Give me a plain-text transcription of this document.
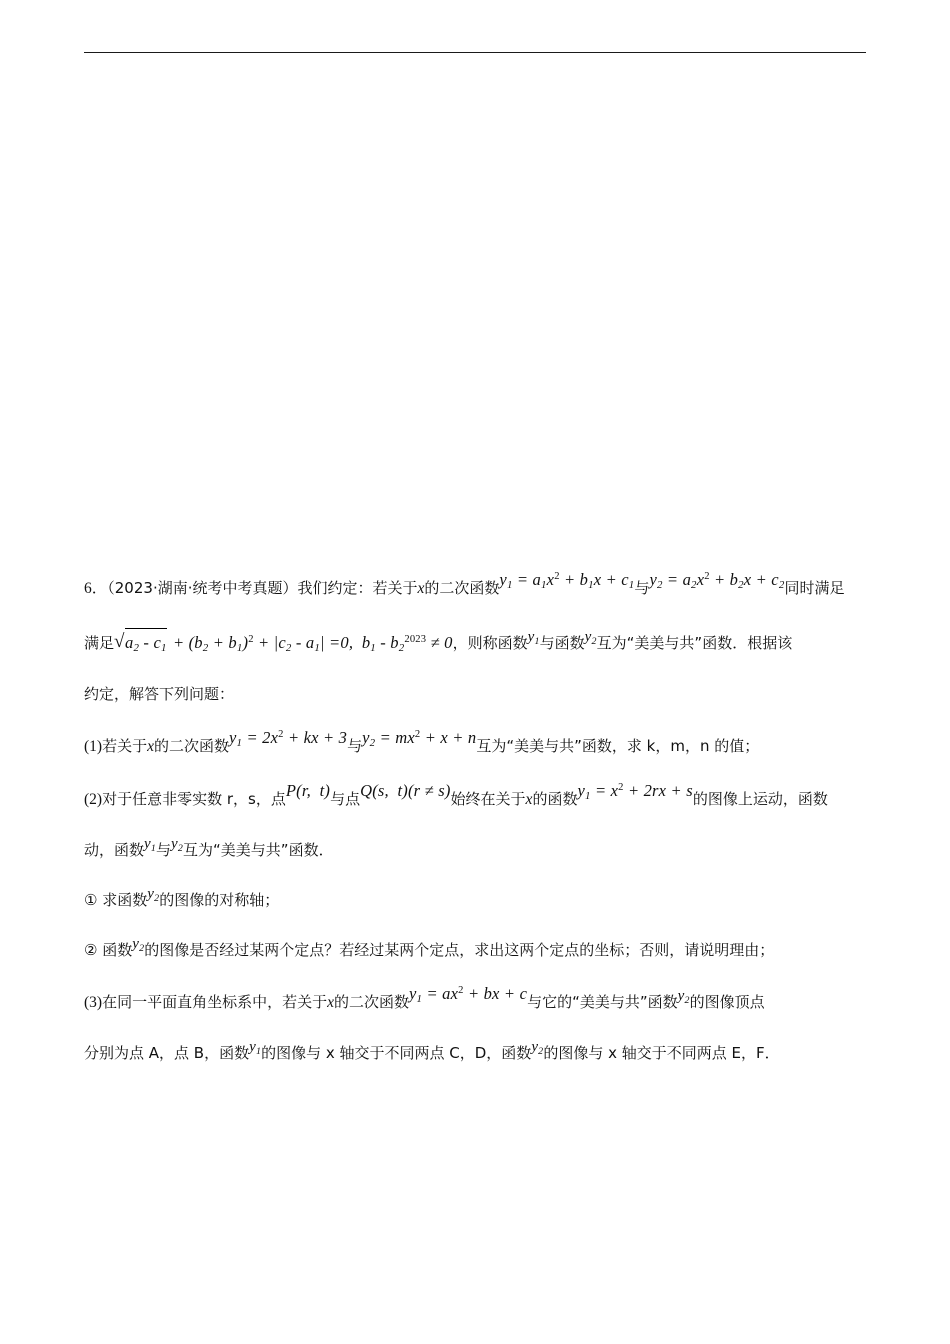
6．（2023·湖南·统考中考真题）我们约定：若关于x的二次函数$y_1 = a_1x^2 + b_1x + c_1$与$y_2 = a_2x^2 + b_2x + c_2$同时满足
满足 √ $a_2 - c_1 + (b_2 + b_1)^2 + |c_2 - a_1| =0$,  $b_1 - b_2^{2023} \ne 0$，则称函数$y_1$与函数$y_2$互为“美美与共”函数．根据该
约定，解答下列问题：
(1)若关于x的二次函数$y_1 = 2x^2$ + kx + 3与$y_2 = mx^2 + x + n$互为“美美与共”函数，求 k，m，n 的值；
(2)对于任意非零实数 r，s，点P(r,  t)与点Q(s,  t)(r ≠ s)始终在关于x的函数$y_1 = x^2 + 2rx + s$的图像上运动，函数
动，函数$y_1$与$y_2$互为“美美与共”函数．
① 求函数$y_2$的图像的对称轴；
② 函数$y_2$的图像是否经过某两个定点？若经过某两个定点，求出这两个定点的坐标；否则，请说明理由；
(3)在同一平面直角坐标系中，若关于x的二次函数$y_1 = ax^2$ + bx + c与它的“美美与共”函数$y_2$的图像顶点
分别为点 A，点 B，函数$y_1$的图像与 x 轴交于不同两点 C，D，函数$y_2$的图像与 x 轴交于不同两点 E，F．
